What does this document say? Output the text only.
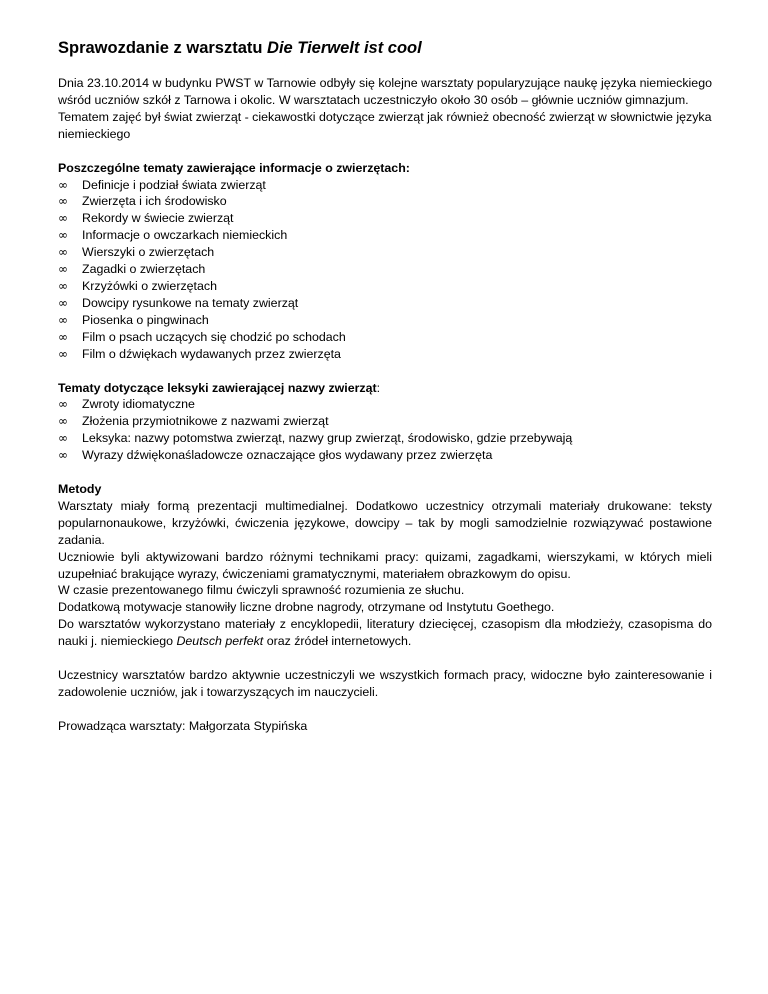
Sprawozdanie z warsztatu Die Tierwelt ist cool

Dnia 23.10.2014 w budynku PWST w Tarnowie odbyły się kolejne warsztaty popularyzujące naukę języka niemieckiego wśród uczniów szkół z Tarnowa i okolic. W warsztatach uczestniczyło około 30 osób – głównie uczniów gimnazjum.

Tematem zajęć był świat zwierząt - ciekawostki dotyczące zwierząt jak również obecność zwierząt w słownictwie języka niemieckiego

Poszczególne tematy zawierające informacje o zwierzętach:

∞	Definicje i podział świata zwierząt
∞	Zwierzęta i ich środowisko
∞	Rekordy w świecie zwierząt
∞	Informacje o owczarkach niemieckich
∞	Wierszyki o zwierzętach
∞	Zagadki o zwierzętach
∞	Krzyżówki o zwierzętach
∞	Dowcipy rysunkowe na tematy zwierząt
∞	Piosenka o pingwinach
∞	Film o psach uczących się chodzić po schodach
∞	Film o dźwiękach wydawanych przez zwierzęta

Tematy dotyczące leksyki zawierającej nazwy zwierząt:

∞	Zwroty idiomatyczne
∞	Złożenia przymiotnikowe z nazwami zwierząt
∞	Leksyka: nazwy potomstwa zwierząt, nazwy grup zwierząt, środowisko, gdzie przebywają
∞	Wyrazy dźwiękonaśladowcze oznaczające głos wydawany przez zwierzęta

Metody

Warsztaty miały formą prezentacji multimedialnej. Dodatkowo uczestnicy otrzymali materiały drukowane: teksty popularnonaukowe, krzyżówki, ćwiczenia językowe, dowcipy – tak by mogli samodzielnie rozwiązywać postawione zadania.

Uczniowie byli aktywizowani bardzo różnymi technikami pracy: quizami, zagadkami, wierszykami, w których mieli uzupełniać brakujące wyrazy, ćwiczeniami gramatycznymi, materiałem obrazkowym do opisu.

W czasie prezentowanego filmu ćwiczyli sprawność rozumienia ze słuchu.

Dodatkową motywacje stanowiły liczne drobne nagrody, otrzymane od Instytutu Goethego.

Do warsztatów wykorzystano materiały z encyklopedii, literatury dziecięcej, czasopism dla młodzieży, czasopisma do nauki j. niemieckiego Deutsch perfekt oraz źródeł internetowych.

Uczestnicy warsztatów bardzo aktywnie uczestniczyli we wszystkich formach pracy, widoczne było zainteresowanie i zadowolenie uczniów, jak i towarzyszących im nauczycieli.

Prowadząca warsztaty: Małgorzata Stypińska
